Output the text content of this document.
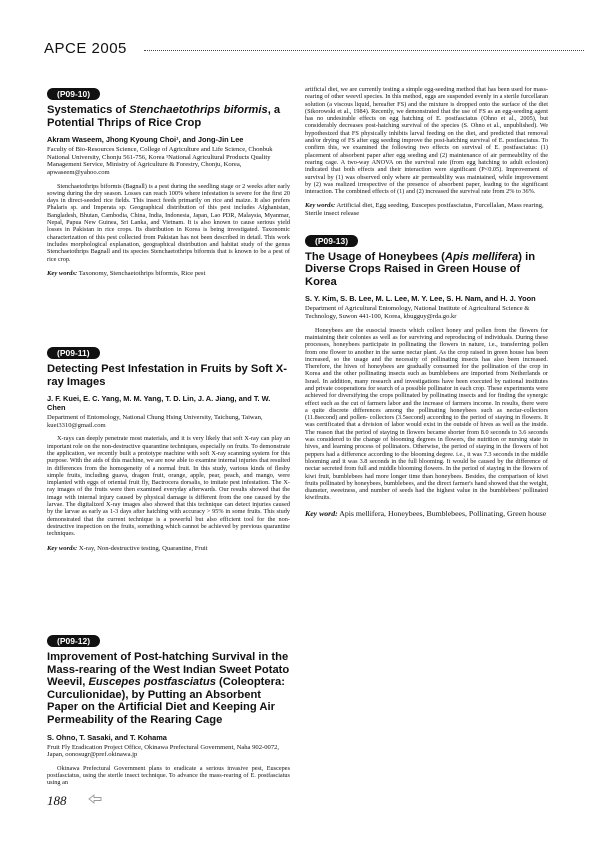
APCE 2005
(P09-10)
Systematics of Stenchaetothrips biformis, a Potential Thrips of Rice Crop
Akram Waseem, Jhong Kyoung Choi¹, and Jong-Jin Lee
Faculty of Bio-Resources Science, College of Agriculture and Life Science, Chonbuk National University, Chonju 561-756, Korea ¹National Agricultural Products Quality Management Service, Ministry of Agriculture & Forestry, Chonju, Korea, apwaseem@yahoo.com
Stenchaetothrips biformis (Bagnall) is a pest during the seedling stage or 2 weeks after early sowing during the dry season. Losses can reach 100% where infestation is severe for the first 20 days in direct-seeded rice fields. This insect feeds primarily on rice and maize. It also prefers Phalaris sp. and Imperata sp. Geographical distribution of this pest includes Afghanistan, Bangladesh, Bhutan, Cambodia, China, India, Indonesia, Japan, Lao PDR, Malaysia, Myanmar, Nepal, Papua New Guinea, Sri Lanka, and Vietnam. It is also known to cause serious yield losses in Pakistan in rice crops. Its distribution in Korea is being investigated. Taxonomic characterization of this pest collected from Pakistan has not been described in detail. This work includes morphological explanation, geographical distribution and habitat study of the genus Stenchaetothrips Bagnall and its species Stenchaetothrips biformis that is known to be a pest of rice crop.
Key words: Taxonomy, Stenchaetothrips biformis, Rice pest
(P09-11)
Detecting Pest Infestation in Fruits by Soft X-ray Images
J. F. Kuei, E. C. Yang, M. M. Yang, T. D. Lin, J. A. Jiang, and T. W. Chen
Department of Entomology, National Chung Hsing University, Taichung, Taiwan, kuei3310@gmail.com
X-rays can deeply penetrate most materials, and it is very likely that soft X-ray can play an important role on the non-destructive quarantine techniques, especially on fruits. To demonstrate the application, we recently built a prototype machine with soft X-ray scanning system for this purpose. With the aids of this machine, we are now able to examine internal injuries that resulted in differences from the homogeneity of a normal fruit. In this study, various kinds of fleshy simple fruits, including guava, dragon fruit, orange, apple, pear, peach, and mango, were implanted with eggs of oriental fruit fly, Bactrocera dorsalis, to imitate pest infestation. The X-ray images of the fruits were then examined everyday afterwards. Our results showed that the image with internal injury caused by physical damage is different from the one caused by the larvae. The digitalized X-ray images also showed that this technique can detect injuries caused by the larvae as early as 1-3 days after hatching with accuracy > 95% in some fruits. This study demonstrated that the current technique is a powerful but also efficient tool for the non-destructive inspection on the fruits, something which cannot be achieved by previous quarantine techniques.
Key words: X-ray, Non-destructive testing, Quarantine, Fruit
(P09-12)
Improvement of Post-hatching Survival in the Mass-rearing of the West Indian Sweet Potato Weevil, Euscepes postfasciatus (Coleoptera: Curculionidae), by Putting an Absorbent Paper on the Artificial Diet and Keeping Air Permeability of the Rearing Cage
S. Ohno, T. Sasaki, and T. Kohama
Fruit Fly Eradication Project Office, Okinawa Prefectural Government, Naha 902-0072, Japan, oonosugr@pref.okinawa.jp
Okinawa Prefectural Government plans to eradicate a serious invasive pest, Euscepes postfasciatus, using the sterile insect technique. To advance the mass-rearing of E. postfasciatus using an
artificial diet, we are currently testing a simple egg-seeding method that has been used for mass-rearing of other weevil species. In this method, eggs are suspended evenly in a sterile furcellaran solution (a viscous liquid, hereafter FS) and the mixture is dropped onto the surface of the diet (Sikorowski et al., 1984). Recently, we demonstrated that the use of FS as an egg-seeding agent has no undesirable effects on egg hatching of E. postfasciatus (Ohno et al., 2005), but considerably decreases post-hatching survival of the species (S. Ohno et al., unpublished). We hypothesized that FS physically inhibits larval feeding on the diet, and predicted that removal and/or drying of FS after egg seeding improve the post-hatching survival of E. postfasciatus. To confirm this, we examined the following two effects on survival of E. postfasciatus: (1) placement of absorbent paper after egg seeding and (2) maintenance of air permeability of the rearing cage. A two-way ANOVA on the survival rate (from egg hatching to adult eclosion) indicated that both effects and their interaction were significant (P<0.05). Improvement of survival by (1) was observed only where air permeability was maintained, while improvement by (2) was realized irrespective of the presence of absorbent paper, leading to the significant interaction. The combined effects of (1) and (2) increased the survival rate from 2% to 36%.
Key words: Artificial diet, Egg seeding, Euscepes postfasciatus, Furcellalan, Mass rearing, Sterile insect release
(P09-13)
The Usage of Honeybees (Apis mellifera) in Diverse Crops Raised in Green House of Korea
S. Y. Kim, S. B. Lee, M. L. Lee, M. Y. Lee, S. H. Nam, and H. J. Yoon
Department of Agricultural Entomology, National Institute of Agricultural Science & Technology, Suwon 441-100, Korea, kbugguy@rda.go.kr
Honeybees are the eusocial insects which collect honey and pollen from the flowers for maintaining their colonies as well as for surviving and reproducing of individuals. During these processes, honeybees participate in pollinating the flowers in nature, i.e., transferring pollen from one flower to another in the same nectar plant. As the crop raised in green house has been increased, so the usage and the necessity of pollinating insects has also been increased. Therefore, the hives of honeybees are gradually consumed for the pollination of the crop in Korea and the other pollinating insects such as bumblebees are imported from Netherlands or Israel. In addition, many research and investigations have been executed by national institutes and private cooperations for search of a possible pollinator in each crop. These experiments were achieved for diversifying the crops pollinated by pollinating insects and for finding the synergic effect such as the cut of farmers labor and the increase of farmers income. In results, there were a quite discrete differences among the pollinating honeybees such as nectar-collectors (11.8second) and pollen- collectors (3.5second) according to the period of staying in flowers. It was certificated that a division of labor would exist in the outside of hives as well as the inside. The reason that the period of staying in flowers became shorter from 8.0 seconds to 3.6 seconds was considered to the change of blooming degrees in flowers, the nutrition or nursing state in hives, and learning process of pollinators. Otherwise, the period of staying in the flowers of hot peppers had a difference according to the blooming degree. i.e., it was 7.3 seconds in the middle blooming and it was 3.8 seconds in the full blooming. It would be caused by the difference of nectar secreted from full and middle blooming flowers. In the period of staying in the flowers of kiwi fruit, bumblebees had more longer time than honeybees. Besides, the comparison of kiwi fruits pollinated by honeybees, bumblebees, and the direct farmer's hand showed that the weight, diameter, sweetness, and number of seeds had the highest value in the bumblebees' pollinated kiwifruits.
Key word: Apis mellifera, Honeybees, Bumblebees, Pollinating, Green house
188
